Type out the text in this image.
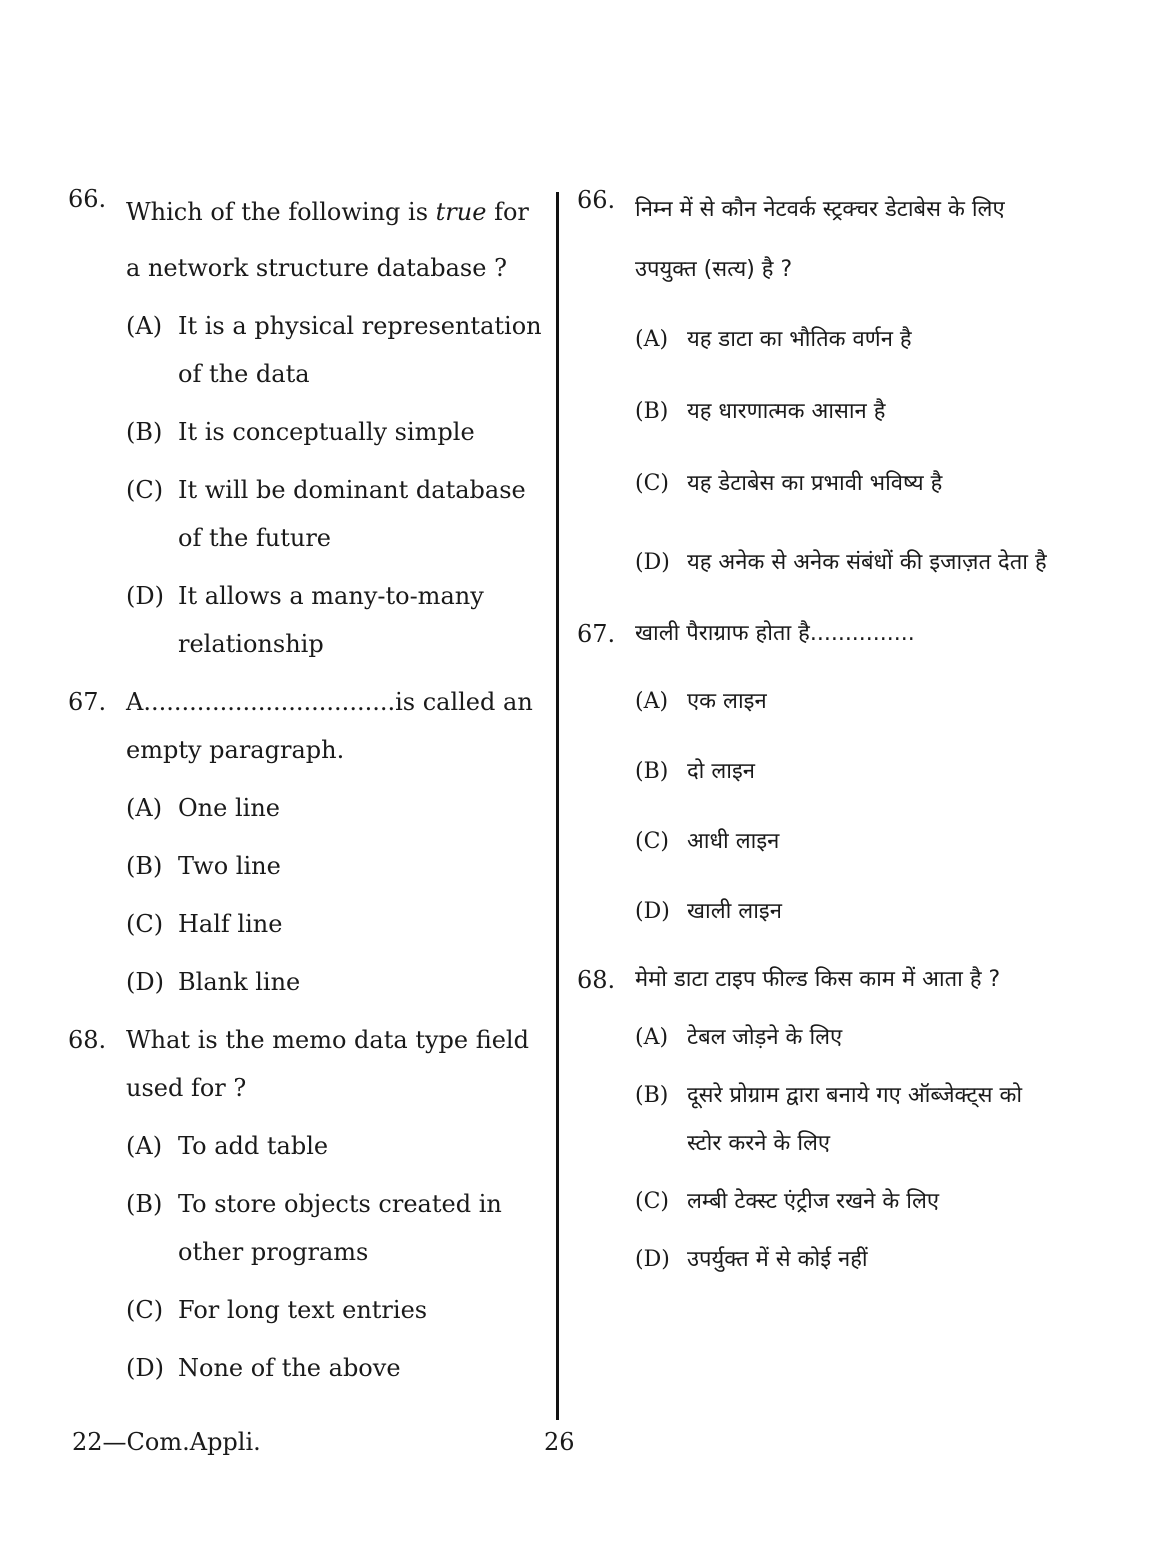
66. Which of the following is true for a network structure database ?
(A) It is a physical representation of the data
(B) It is conceptually simple
(C) It will be dominant database of the future
(D) It allows a many-to-many relationship
67. A.................................is called an empty paragraph.
(A) One line
(B) Two line
(C) Half line
(D) Blank line
68. What is the memo data type field used for ?
(A) To add table
(B) To store objects created in other programs
(C) For long text entries
(D) None of the above
66. निम्न में से कौन नेटवर्क स्ट्रक्चर डेटाबेस के लिए उपयुक्त (सत्य) है ?
(A) यह डाटा का भौतिक वर्णन है
(B) यह धारणात्मक आसान है
(C) यह डेटाबेस का प्रभावी भविष्य है
(D) यह अनेक से अनेक संबंधों की इजाज़त देता है
67. खाली पैराग्राफ होता है...............
(A) एक लाइन
(B) दो लाइन
(C) आधी लाइन
(D) खाली लाइन
68. मेमो डाटा टाइप फील्ड किस काम में आता है ?
(A) टेबल जोड़ने के लिए
(B) दूसरे प्रोग्राम द्वारा बनाये गए ऑब्जेक्ट्स को स्टोर करने के लिए
(C) लम्बी टेक्स्ट एंट्रीज रखने के लिए
(D) उपर्युक्त में से कोई नहीं
22—Com.Appli.	26
